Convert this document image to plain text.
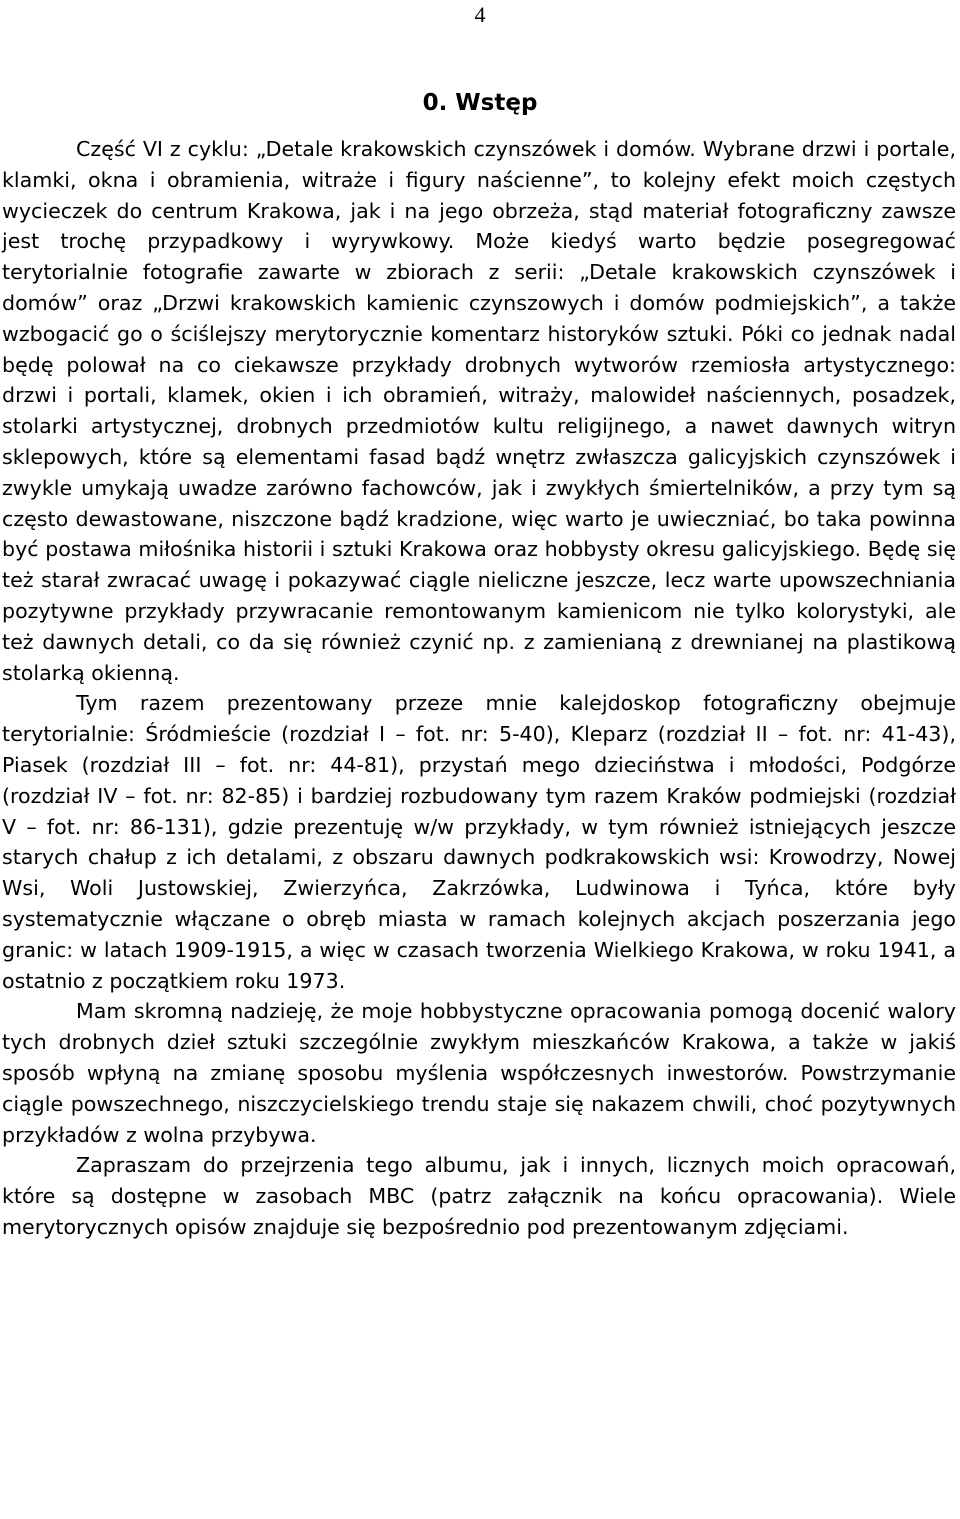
4
0. Wstęp

Część VI z cyklu: „Detale krakowskich czynszówek i domów. Wybrane drzwi i portale, klamki, okna i obramienia, witraże i figury naścienne”, to kolejny efekt moich częstych wycieczek do centrum Krakowa, jak i na jego obrzeża, stąd materiał fotograficzny zawsze jest trochę przypadkowy i wyrywkowy. Może kiedyś warto będzie posegregować terytorialnie fotografie zawarte w zbiorach z serii: „Detale krakowskich czynszówek i domów” oraz „Drzwi krakowskich kamienic czynszowych i domów podmiejskich”, a także wzbogacić go o ściślejszy merytorycznie komentarz historyków sztuki. Póki co jednak nadal będę polował na co ciekawsze przykłady drobnych wytworów rzemiosła artystycznego: drzwi i portali, klamek, okien i ich obramień, witraży, malowideł naściennych, posadzek, stolarki artystycznej, drobnych przedmiotów kultu religijnego, a nawet dawnych witryn sklepowych, które są elementami fasad bądź wnętrz zwłaszcza galicyjskich czynszówek i zwykle umykają uwadze zarówno fachowców, jak i zwykłych śmiertelników, a przy tym są często dewastowane, niszczone bądź kradzione, więc warto je uwieczniać, bo taka powinna być postawa miłośnika historii i sztuki Krakowa oraz hobbysty okresu galicyjskiego. Będę się też starał zwracać uwagę i pokazywać ciągle nieliczne jeszcze, lecz warte upowszechniania pozytywne przykłady przywracanie remontowanym kamienicom nie tylko kolorystyki, ale też dawnych detali, co da się również czynić np. z zamienianą z drewnianej na plastikową stolarką okienną.

Tym razem prezentowany przeze mnie kalejdoskop fotograficzny obejmuje terytorialnie: Śródmieście (rozdział I – fot. nr: 5-40), Kleparz (rozdział II – fot. nr: 41-43), Piasek (rozdział III – fot. nr: 44-81), przystań mego dzieciństwa i młodości, Podgórze (rozdział IV – fot. nr: 82-85) i bardziej rozbudowany tym razem Kraków podmiejski (rozdział V – fot. nr: 86-131), gdzie prezentuję w/w przykłady, w tym również istniejących jeszcze starych chałup z ich detalami, z obszaru dawnych podkrakowskich wsi: Krowodrzy, Nowej Wsi, Woli Justowskiej, Zwierzyńca, Zakrzówka, Ludwinowa i Tyńca, które były systematycznie włączane o obręb miasta w ramach kolejnych akcjach poszerzania jego granic: w latach 1909-1915, a więc w czasach tworzenia Wielkiego Krakowa, w roku 1941, a ostatnio z początkiem roku 1973.

Mam skromną nadzieję, że moje hobbystyczne opracowania pomogą docenić walory tych drobnych dzieł sztuki szczególnie zwykłym mieszkańców Krakowa, a także w jakiś sposób wpłyną na zmianę sposobu myślenia współczesnych inwestorów. Powstrzymanie ciągle powszechnego, niszczycielskiego trendu staje się nakazem chwili, choć pozytywnych przykładów z wolna przybywa.

Zapraszam do przejrzenia tego albumu, jak i innych, licznych moich opracowań, które są dostępne w zasobach MBC (patrz załącznik na końcu opracowania). Wiele merytorycznych opisów znajduje się bezpośrednio pod prezentowanym zdjęciami.
